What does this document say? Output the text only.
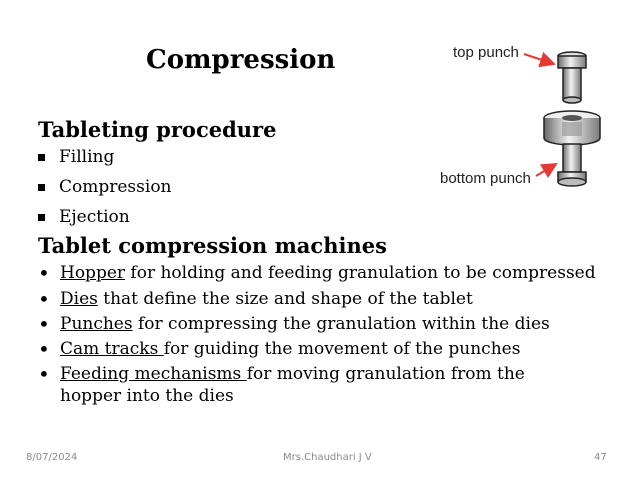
Compression	top punch
bottom punch
Tableting procedure
Filling
Compression
Ejection
Tablet compression machines
• Hopper for holding and feeding granulation to be compressed
• Dies that define the size and shape of the tablet
• Punches for compressing the granulation within the dies
• Cam tracks for guiding the movement of the punches
• Feeding mechanisms for moving granulation from the hopper into the dies
8/07/2024	Mrs.Chaudhari J V	47
